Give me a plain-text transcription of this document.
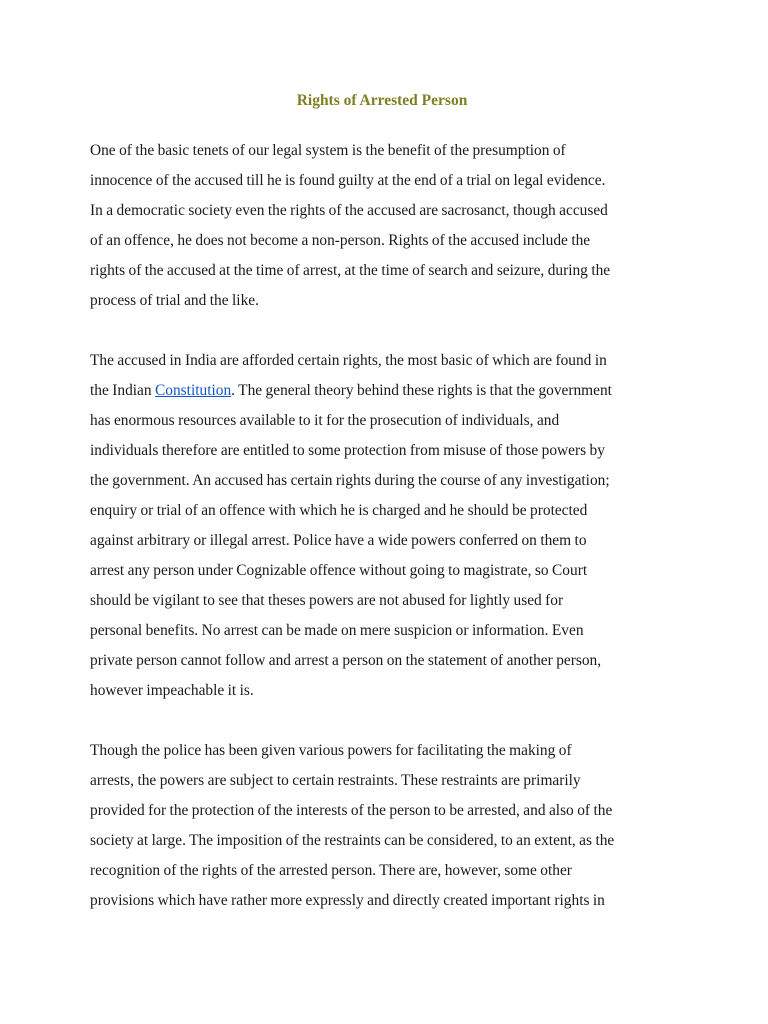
Rights of Arrested Person

One of the basic tenets of our legal system is the benefit of the presumption of
innocence of the accused till he is found guilty at the end of a trial on legal evidence.
In a democratic society even the rights of the accused are sacrosanct, though accused
of an offence, he does not become a non-person. Rights of the accused include the
rights of the accused at the time of arrest, at the time of search and seizure, during the
process of trial and the like.

The accused in India are afforded certain rights, the most basic of which are found in
the Indian Constitution. The general theory behind these rights is that the government
has enormous resources available to it for the prosecution of individuals, and
individuals therefore are entitled to some protection from misuse of those powers by
the government. An accused has certain rights during the course of any investigation;
enquiry or trial of an offence with which he is charged and he should be protected
against arbitrary or illegal arrest. Police have a wide powers conferred on them to
arrest any person under Cognizable offence without going to magistrate, so Court
should be vigilant to see that theses powers are not abused for lightly used for
personal benefits. No arrest can be made on mere suspicion or information. Even
private person cannot follow and arrest a person on the statement of another person,
however impeachable it is.

Though the police has been given various powers for facilitating the making of
arrests, the powers are subject to certain restraints. These restraints are primarily
provided for the protection of the interests of the person to be arrested, and also of the
society at large. The imposition of the restraints can be considered, to an extent, as the
recognition of the rights of the arrested person. There are, however, some other
provisions which have rather more expressly and directly created important rights in
